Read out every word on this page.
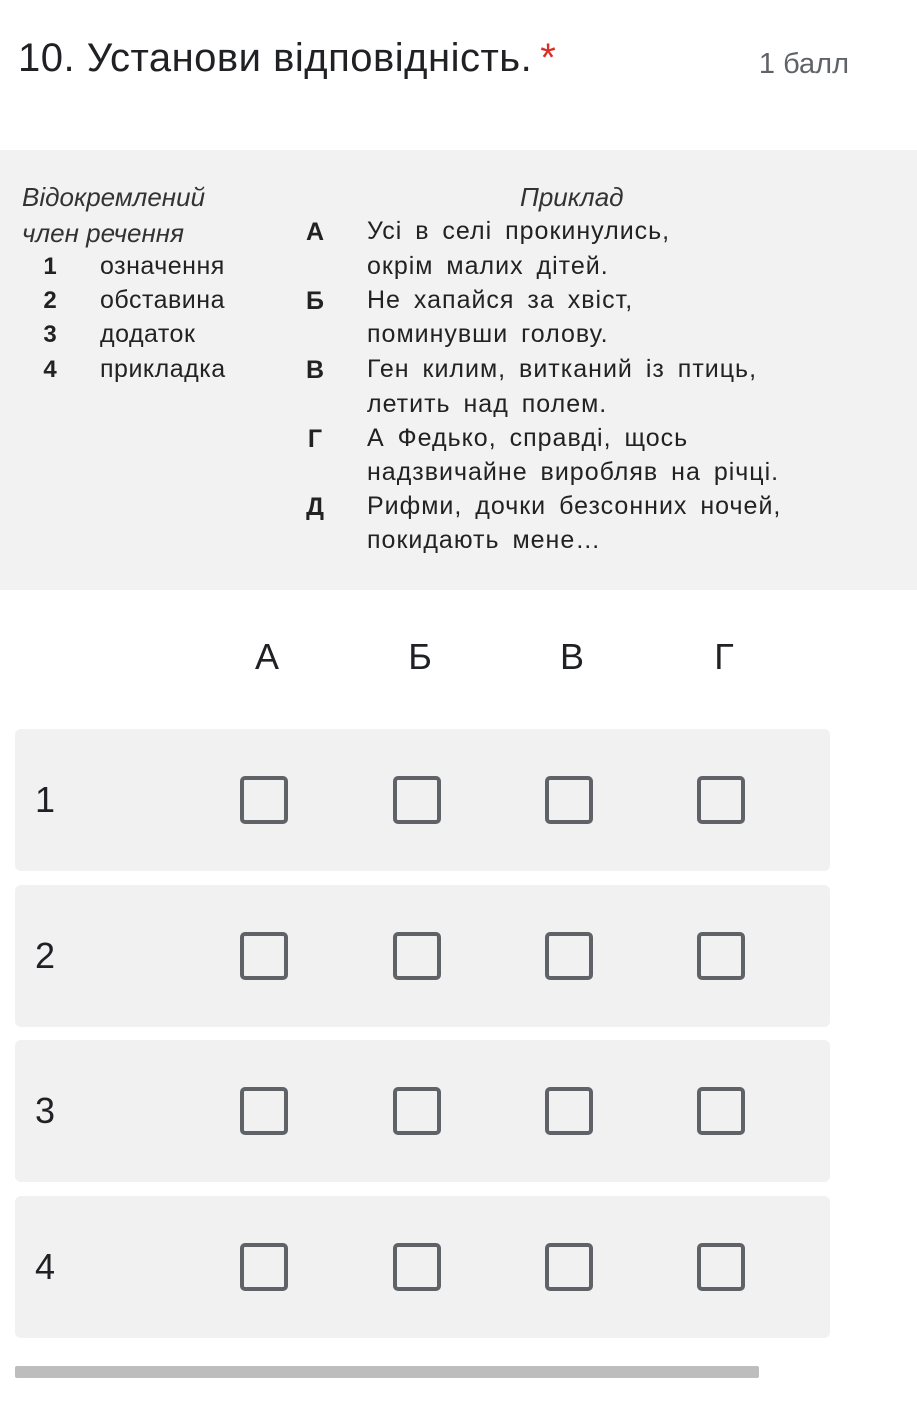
10. Установи відповідність. *	1 балл
Відокремлений
член речення
Приклад
1	означення
2	обставина
3	додаток
4	прикладка
А Усі в селі прокинулись,
окрім малих дітей.
Б Не хапайся за хвіст,
поминувши голову.
В Ген килим, витканий із птиць,
летить над полем.
Г	А Федько, справді, щось
надзвичайне виробляв на річці.
Д Рифми, дочки безсонних ночей,
покидають мене…
А	Б	В	Г
1
2
3
4
